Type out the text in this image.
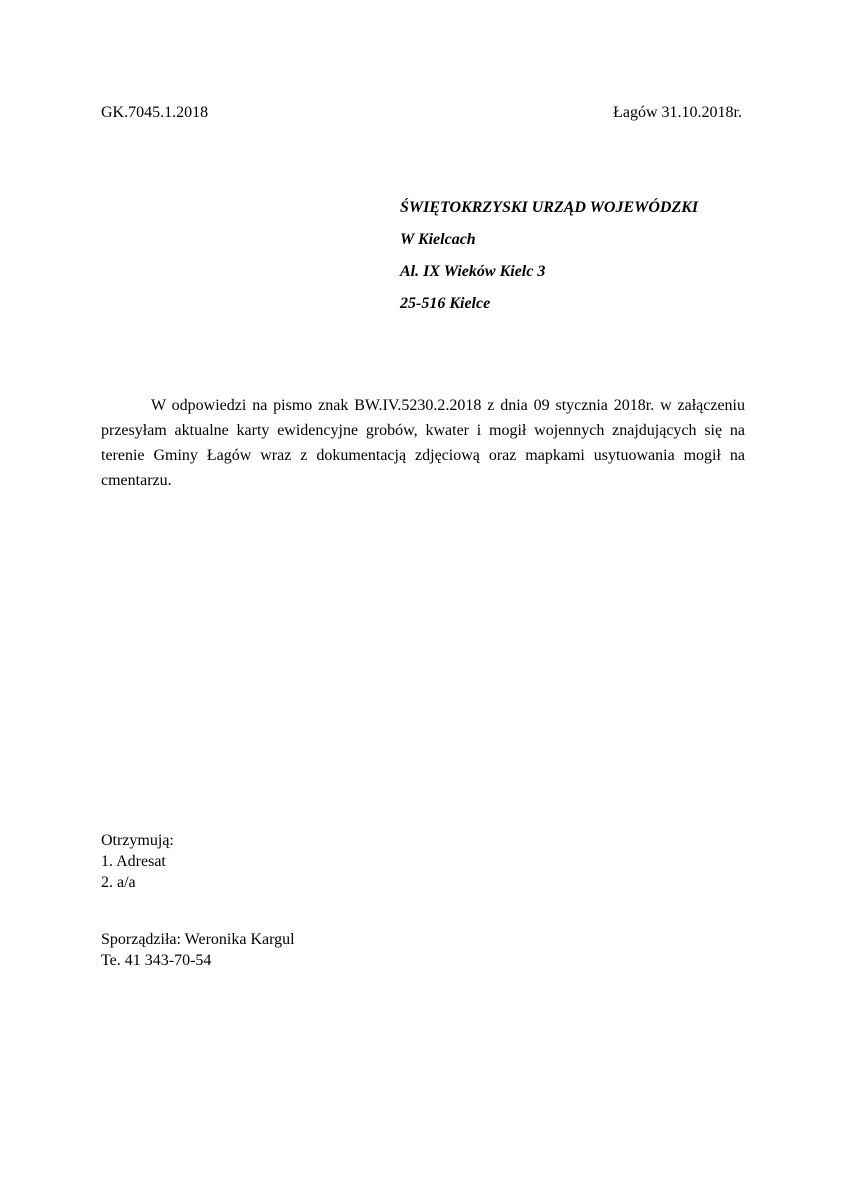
GK.7045.1.2018	Łagów 31.10.2018r.
ŚWIĘTOKRZYSKI URZĄD WOJEWÓDZKI
W Kielcach
Al. IX Wieków Kielc 3
25-516 Kielce

W odpowiedzi na pismo znak BW.IV.5230.2.2018 z dnia 09 stycznia 2018r. w załączeniu przesyłam aktualne karty ewidencyjne grobów, kwater i mogił wojennych znajdujących się na terenie Gminy Łagów wraz z dokumentacją zdjęciową oraz mapkami usytuowania mogił na cmentarzu.

Otrzymują:
1. Adresat
2. a/a
Sporządziła: Weronika Kargul
Te. 41 343-70-54
